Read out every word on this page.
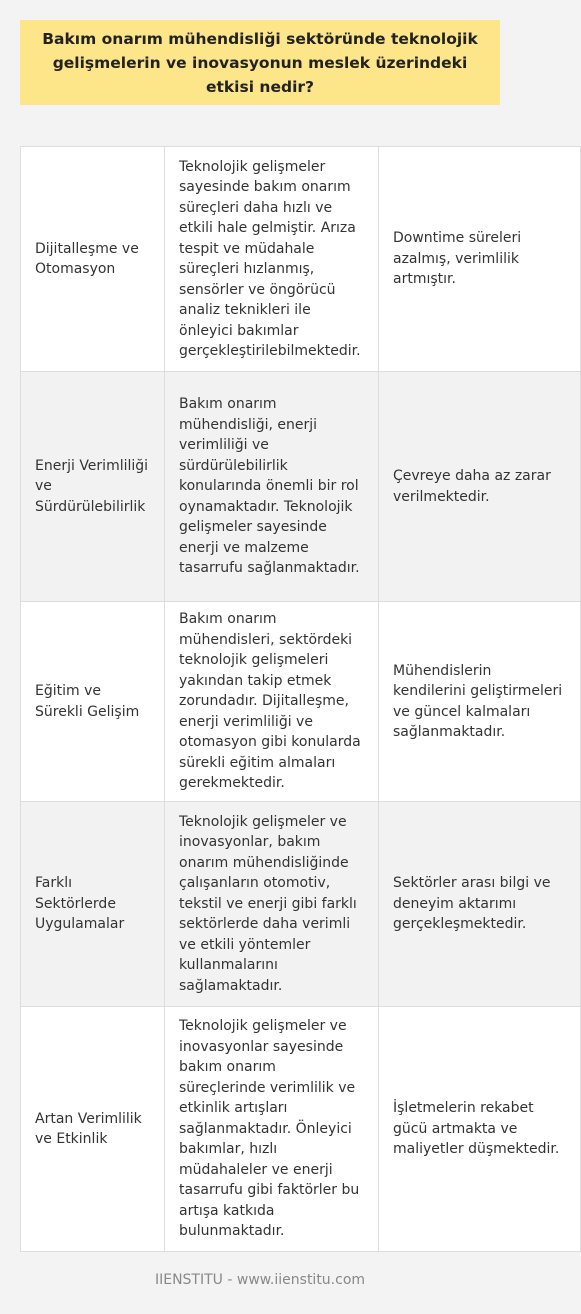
Bakım onarım mühendisliği sektöründe teknolojik gelişmelerin ve inovasyonun meslek üzerindeki etkisi nedir?
Dijitalleşme ve Otomasyon	Teknolojik gelişmeler sayesinde bakım onarım süreçleri daha hızlı ve etkili hale gelmiştir. Arıza tespit ve müdahale süreçleri hızlanmış, sensörler ve öngörücü analiz teknikleri ile önleyici bakımlar gerçekleştirilebilmektedir.	Downtime süreleri azalmış, verimlilik artmıştır.
Enerji Verimliliği ve Sürdürülebilirlik	Bakım onarım mühendisliği, enerji verimliliği ve sürdürülebilirlik konularında önemli bir rol oynamaktadır. Teknolojik gelişmeler sayesinde enerji ve malzeme tasarrufu sağlanmaktadır.	Çevreye daha az zarar verilmektedir.
Eğitim ve Sürekli Gelişim	Bakım onarım mühendisleri, sektördeki teknolojik gelişmeleri yakından takip etmek zorundadır. Dijitalleşme, enerji verimliliği ve otomasyon gibi konularda sürekli eğitim almaları gerekmektedir.	Mühendislerin kendilerini geliştirmeleri ve güncel kalmaları sağlanmaktadır.
Farklı Sektörlerde Uygulamalar	Teknolojik gelişmeler ve inovasyonlar, bakım onarım mühendisliğinde çalışanların otomotiv, tekstil ve enerji gibi farklı sektörlerde daha verimli ve etkili yöntemler kullanmalarını sağlamaktadır.	Sektörler arası bilgi ve deneyim aktarımı gerçekleşmektedir.
Artan Verimlilik ve Etkinlik	Teknolojik gelişmeler ve inovasyonlar sayesinde bakım onarım süreçlerinde verimlilik ve etkinlik artışları sağlanmaktadır. Önleyici bakımlar, hızlı müdahaleler ve enerji tasarrufu gibi faktörler bu artışa katkıda bulunmaktadır.	İşletmelerin rekabet gücü artmakta ve maliyetler düşmektedir.
IIENSTITU - www.iienstitu.com
